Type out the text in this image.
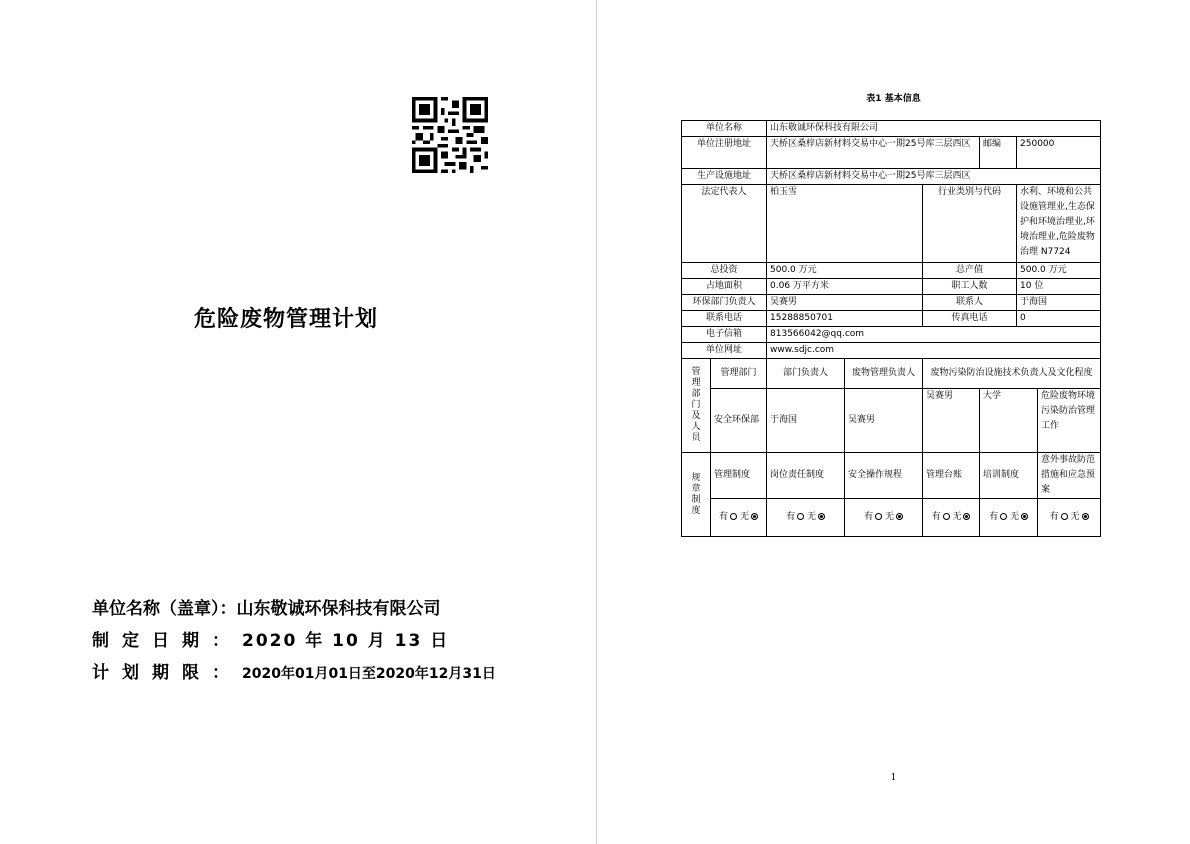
危险废物管理计划
单位名称（盖章）：山东敬诚环保科技有限公司
制定日期：2020 年 10 月 13 日
计划期限：2020年01月01日至2020年12月31日
表1 基本信息
单位名称		山东敬诚环保科技有限公司					
单位注册地址		天桥区桑梓店新材料交易中心一期25号库三层西区			邮编	250000	
生产设施地址		天桥区桑梓店新材料交易中心一期25号库三层西区					
法定代表人		柏玉雪		行业类别与代码		水利、环境和公共设施管理业,生态保护和环境治理业,环境治理业,危险废物治理 N7724	
总投资		500.0 万元		总产值		500.0 万元	
占地面积		0.06 万平方米		职工人数		10 位	
环保部门负责人		吴赛男		联系人		于海国	
联系电话		15288850701		传真电话		0	
电子信箱		813566042@qq.com					
单位网址		www.sdjc.com					

管理部门及人员	管理部门	部门负责人	废物管理负责人	废物污染防治设施技术负责人及文化程度			
	安全环保部	于海国	吴赛男	吴赛男	大学		危险废物环境污染防治管理工作

规章制度	管理制度	岗位责任制度	安全操作规程	管理台账	培训制度		意外事故防范措施和应急预案
	有 无	有 无	有 无	有 无	有 无		有 无
1
